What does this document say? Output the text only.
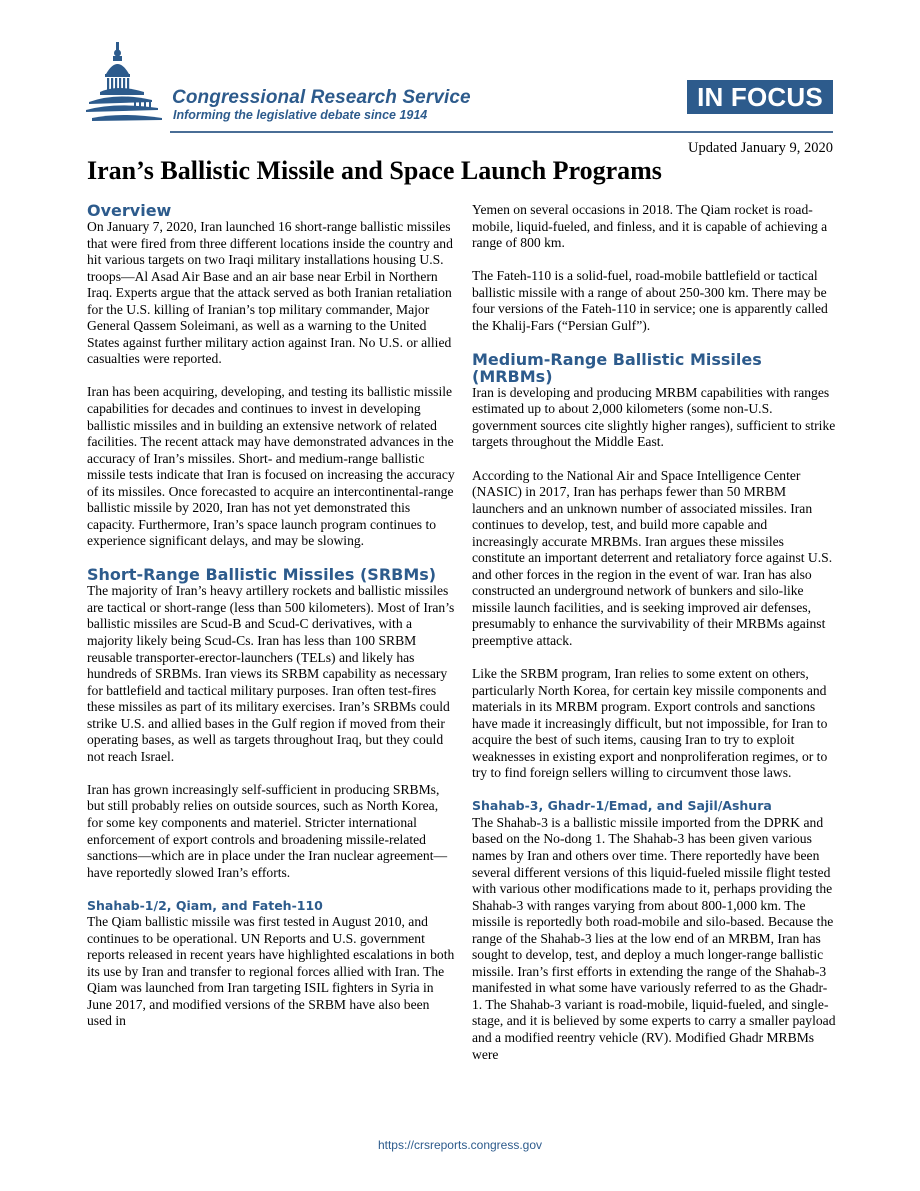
Congressional Research Service
Informing the legislative debate since 1914
IN FOCUS
Updated January 9, 2020
Iran’s Ballistic Missile and Space Launch Programs
Overview

On January 7, 2020, Iran launched 16 short-range ballistic missiles that were fired from three different locations inside the country and hit various targets on two Iraqi military installations housing U.S. troops—Al Asad Air Base and an air base near Erbil in Northern Iraq. Experts argue that the attack served as both Iranian retaliation for the U.S. killing of Iranian’s top military commander, Major General Qassem Soleimani, as well as a warning to the United States against further military action against Iran. No U.S. or allied casualties were reported.

Iran has been acquiring, developing, and testing its ballistic missile capabilities for decades and continues to invest in developing ballistic missiles and in building an extensive network of related facilities. The recent attack may have demonstrated advances in the accuracy of Iran’s missiles. Short- and medium-range ballistic missile tests indicate that Iran is focused on increasing the accuracy of its missiles. Once forecasted to acquire an intercontinental-range ballistic missile by 2020, Iran has not yet demonstrated this capacity. Furthermore, Iran’s space launch program continues to experience significant delays, and may be slowing.

Short-Range Ballistic Missiles (SRBMs)

The majority of Iran’s heavy artillery rockets and ballistic missiles are tactical or short-range (less than 500 kilometers). Most of Iran’s ballistic missiles are Scud-B and Scud-C derivatives, with a majority likely being Scud-Cs. Iran has less than 100 SRBM reusable transporter-erector-launchers (TELs) and likely has hundreds of SRBMs. Iran views its SRBM capability as necessary for battlefield and tactical military purposes. Iran often test-fires these missiles as part of its military exercises. Iran’s SRBMs could strike U.S. and allied bases in the Gulf region if moved from their operating bases, as well as targets throughout Iraq, but they could not reach Israel.

Iran has grown increasingly self-sufficient in producing SRBMs, but still probably relies on outside sources, such as North Korea, for some key components and materiel. Stricter international enforcement of export controls and broadening missile-related sanctions—which are in place under the Iran nuclear agreement—have reportedly slowed Iran’s efforts.

Shahab-1/2, Qiam, and Fateh-110

The Qiam ballistic missile was first tested in August 2010, and continues to be operational. UN Reports and U.S. government reports released in recent years have highlighted escalations in both its use by Iran and transfer to regional forces allied with Iran. The Qiam was launched from Iran targeting ISIL fighters in Syria in June 2017, and modified versions of the SRBM have also been used in

Yemen on several occasions in 2018. The Qiam rocket is road-mobile, liquid-fueled, and finless, and it is capable of achieving a range of 800 km.

The Fateh-110 is a solid-fuel, road-mobile battlefield or tactical ballistic missile with a range of about 250-300 km. There may be four versions of the Fateh-110 in service; one is apparently called the Khalij-Fars (“Persian Gulf”).

Medium-Range Ballistic Missiles (MRBMs)

Iran is developing and producing MRBM capabilities with ranges estimated up to about 2,000 kilometers (some non-U.S. government sources cite slightly higher ranges), sufficient to strike targets throughout the Middle East.

According to the National Air and Space Intelligence Center (NASIC) in 2017, Iran has perhaps fewer than 50 MRBM launchers and an unknown number of associated missiles. Iran continues to develop, test, and build more capable and increasingly accurate MRBMs. Iran argues these missiles constitute an important deterrent and retaliatory force against U.S. and other forces in the region in the event of war. Iran has also constructed an underground network of bunkers and silo-like missile launch facilities, and is seeking improved air defenses, presumably to enhance the survivability of their MRBMs against preemptive attack.

Like the SRBM program, Iran relies to some extent on others, particularly North Korea, for certain key missile components and materials in its MRBM program. Export controls and sanctions have made it increasingly difficult, but not impossible, for Iran to acquire the best of such items, causing Iran to try to exploit weaknesses in existing export and nonproliferation regimes, or to try to find foreign sellers willing to circumvent those laws.

Shahab-3, Ghadr-1/Emad, and Sajil/Ashura

The Shahab-3 is a ballistic missile imported from the DPRK and based on the No-dong 1. The Shahab-3 has been given various names by Iran and others over time. There reportedly have been several different versions of this liquid-fueled missile flight tested with various other modifications made to it, perhaps providing the Shahab-3 with ranges varying from about 800-1,000 km. The missile is reportedly both road-mobile and silo-based. Because the range of the Shahab-3 lies at the low end of an MRBM, Iran has sought to develop, test, and deploy a much longer-range ballistic missile. Iran’s first efforts in extending the range of the Shahab-3 manifested in what some have variously referred to as the Ghadr-1. The Shahab-3 variant is road-mobile, liquid-fueled, and single-stage, and it is believed by some experts to carry a smaller payload and a modified reentry vehicle (RV). Modified Ghadr MRBMs were

https://crsreports.congress.gov
